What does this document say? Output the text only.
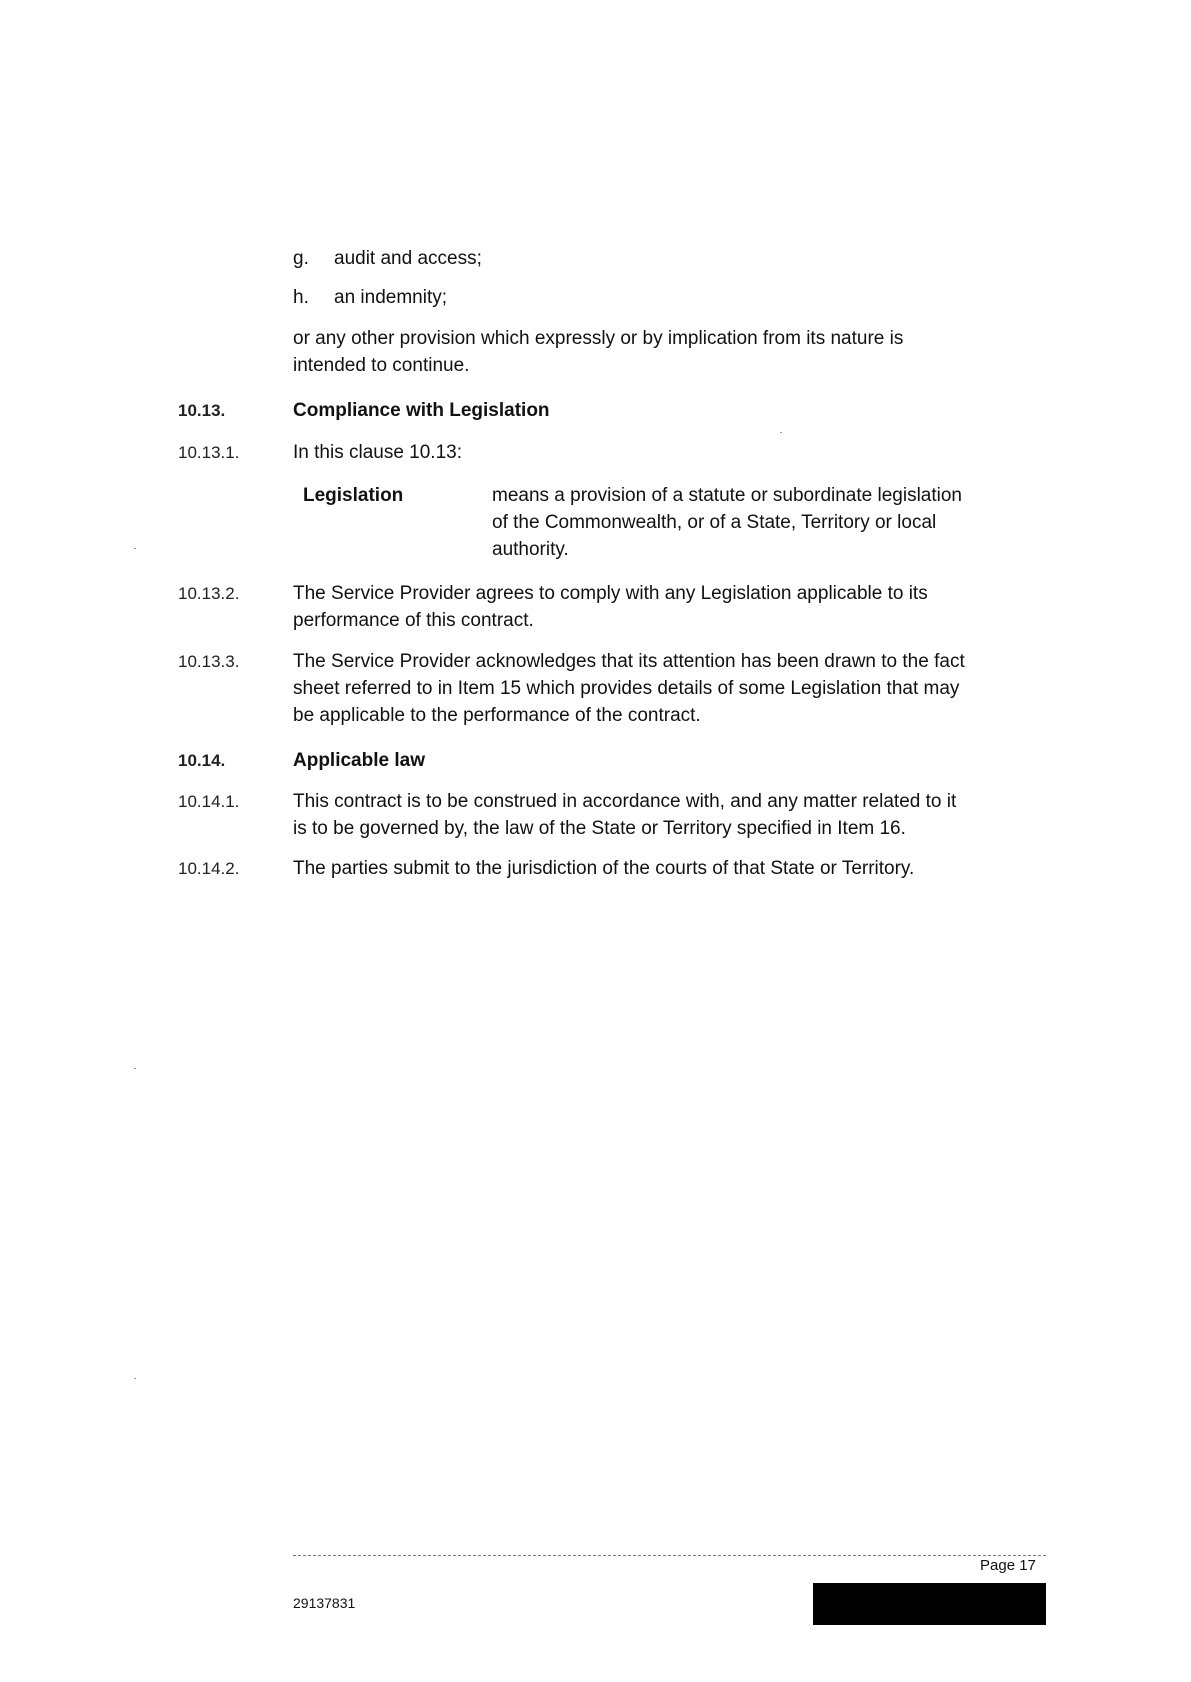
g. audit and access;
h. an indemnity;
or any other provision which expressly or by implication from its nature is
intended to continue.
10.13.	Compliance with Legislation
10.13.1.	In this clause 10.13:
Legislation	means a provision of a statute or subordinate legislation
of the Commonwealth, or of a State, Territory or local
authority.
10.13.2.	The Service Provider agrees to comply with any Legislation applicable to its
performance of this contract.
10.13.3.	The Service Provider acknowledges that its attention has been drawn to the fact
sheet referred to in Item 15 which provides details of some Legislation that may
be applicable to the performance of the contract.
10.14.	Applicable law
10.14.1.	This contract is to be construed in accordance with, and any matter related to it
is to be governed by, the law of the State or Territory specified in Item 16.
10.14.2.	The parties submit to the jurisdiction of the courts of that State or Territory.
Page 17
29137831
